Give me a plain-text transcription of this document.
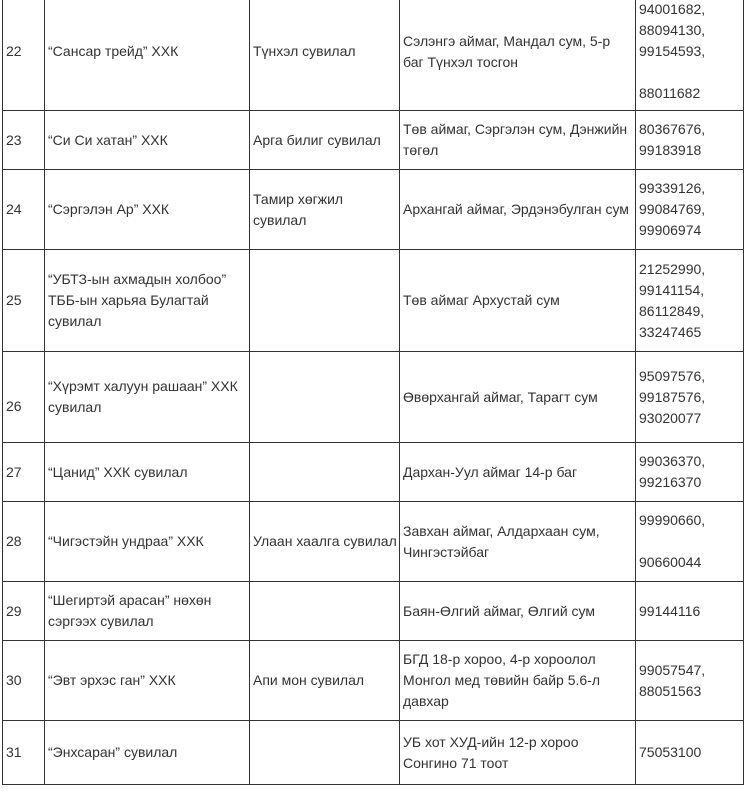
22	“Сансар трейд” ХХК	Түнхэл сувилал	Сэлэнгэ аймаг, Мандал сум, 5-р баг Түнхэл тосгон	94001682,
88094130,
99154593,
88011682

23	“Си Си хатан” ХХК	Арга билиг сувилал	Төв аймаг, Сэргэлэн сум, Дэнжийн төгөл	80367676,
99183918

24	“Сэргэлэн Ар” ХХК	Тамир хөгжил сувилал	Архангай аймаг, Эрдэнэбулган сум	99339126,
99084769,
99906974

25	“УБТЗ-ын ахмадын холбоо” ТББ-ын харьяа Булагтай сувилал		Төв аймаг Архустай сум	21252990,
99141154,
86112849,
33247465

26	“Хүрэмт халуун рашаан” ХХК сувилал		Өвөрхангай аймаг, Тарагт сум	95097576,
99187576,
93020077

27	“Цанид” ХХК сувилал		Дархан-Уул аймаг 14-р баг	99036370,
99216370

28	“Чигэстэйн ундраа” ХХК	Улаан хаалга сувилал	Завхан аймаг, Алдархаан сум, Чингэстэйбаг	99990660,
90660044

29	“Шегиртэй арасан” нөхөн сэргээх сувилал		Баян-Өлгий аймаг, Өлгий сум	99144116

30	“Эвт эрхэс ган” ХХК	Апи мон сувилал	БГД 18-р хороо, 4-р хороолол Монгол мед төвийн байр 5.6-л давхар	99057547,
88051563

31	“Энхсаран” сувилал		УБ хот ХУД-ийн 12-р хороо Сонгино 71 тоот	75053100
